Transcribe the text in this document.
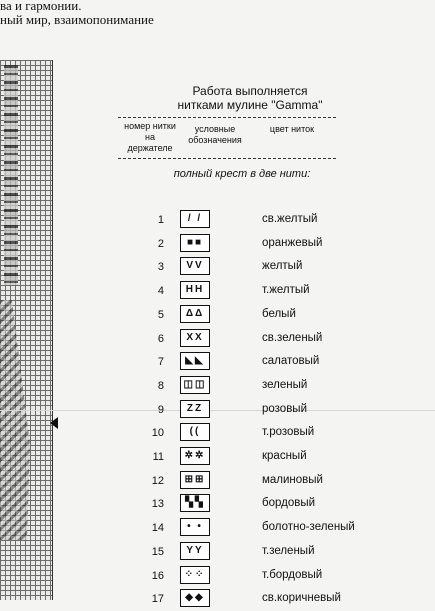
ва и гармонии.
ный мир, взаимопонимание
Работа выполняется
нитками мулине "Gamma"
номер нитки на держателе
условные обозначения
цвет ниток
полный крест в две нити:
1	/ /	св.желтый
2	■■	оранжевый
3	VV	желтый
4	HH	т.желтый
5	ΔΔ	белый
6	XX	св.зеленый
7	◣◣	салатовый
8	◫◫	зеленый
9	ZZ	розовый
10	((	т.розовый
11	✲✲	красный
12	⊞⊞	малиновый
13	▚▚	бордовый
14	• •	болотно-зеленый
15	YY	т.зеленый
16	⁘⁘	т.бордовый
17	◆◆	св.коричневый
